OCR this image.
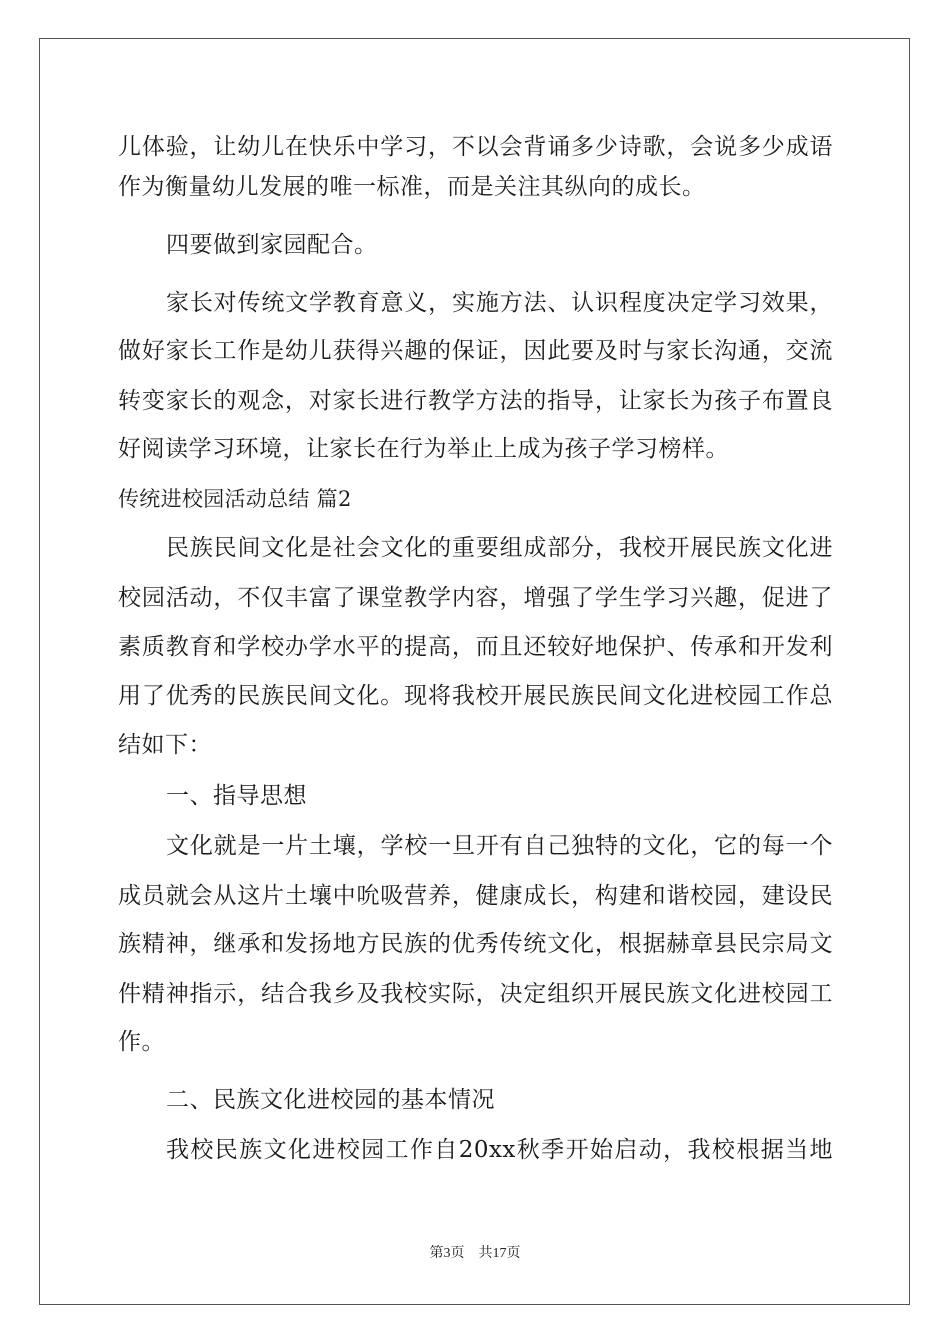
儿体验，让幼儿在快乐中学习，不以会背诵多少诗歌，会说多少成语
作为衡量幼儿发展的唯一标准，而是关注其纵向的成长。
四要做到家园配合。
家长对传统文学教育意义，实施方法、认识程度决定学习效果，
做好家长工作是幼儿获得兴趣的保证，因此要及时与家长沟通，交流
转变家长的观念，对家长进行教学方法的指导，让家长为孩子布置良
好阅读学习环境，让家长在行为举止上成为孩子学习榜样。
传统进校园活动总结 篇2
民族民间文化是社会文化的重要组成部分，我校开展民族文化进
校园活动，不仅丰富了课堂教学内容，增强了学生学习兴趣，促进了
素质教育和学校办学水平的提高，而且还较好地保护、传承和开发利
用了优秀的民族民间文化。现将我校开展民族民间文化进校园工作总
结如下：
一、指导思想
文化就是一片土壤，学校一旦开有自己独特的文化，它的每一个
成员就会从这片土壤中吮吸营养，健康成长，构建和谐校园，建设民
族精神，继承和发扬地方民族的优秀传统文化，根据赫章县民宗局文
件精神指示，结合我乡及我校实际，决定组织开展民族文化进校园工
作。
二、民族文化进校园的基本情况
我校民族文化进校园工作自20xx秋季开始启动，我校根据当地
第3页 共17页
